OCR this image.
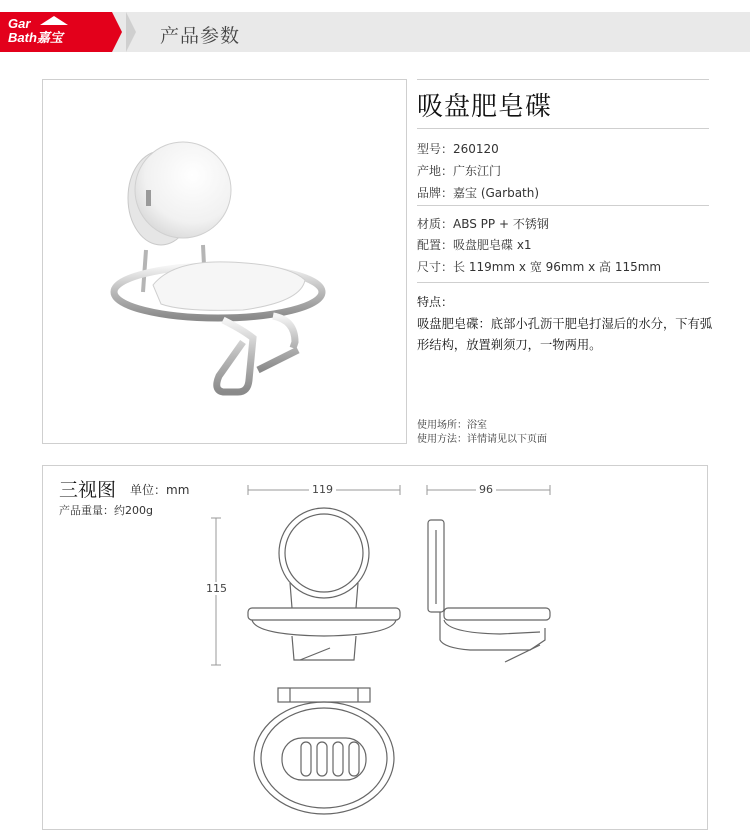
Gar
Bath嘉宝	产品参数
吸盘肥皂碟
型号：260120
产地：广东江门
品牌：嘉宝 (Garbath)
材质：ABS PP + 不锈钢
配置：吸盘肥皂碟 x1
尺寸：长 119mm x 宽 96mm x 高 115mm
特点：
吸盘肥皂碟：底部小孔沥干肥皂打湿后的水分，下有弧形结构，放置剃须刀，一物两用。
使用场所：浴室
使用方法：详情请见以下页面
三视图 单位：mm
产品重量：约200g
119	96
115
